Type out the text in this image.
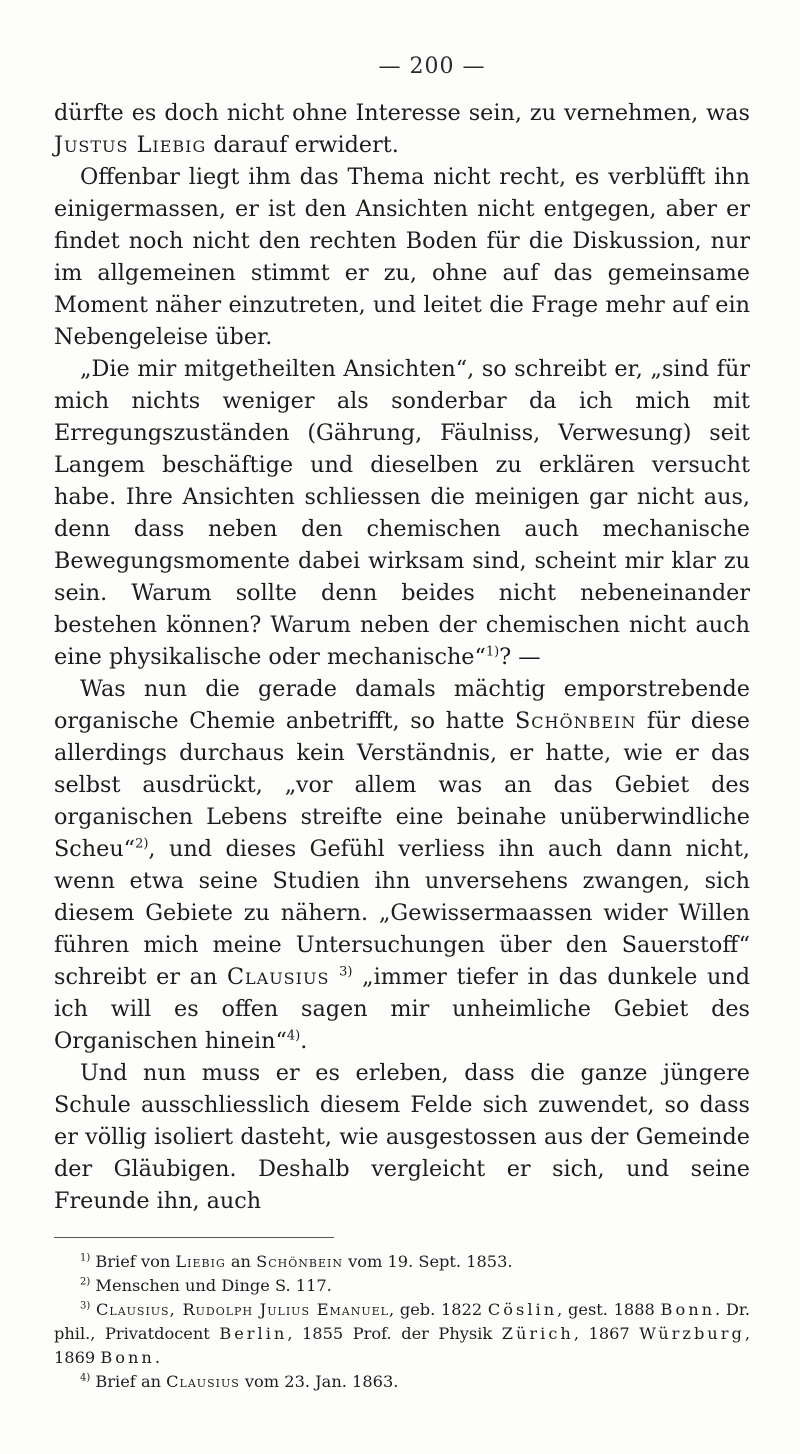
— 200 —

dürfte es doch nicht ohne Interesse sein, zu vernehmen, was Justus Liebig darauf erwidert.

Offenbar liegt ihm das Thema nicht recht, es verblüfft ihn einigermassen, er ist den Ansichten nicht entgegen, aber er findet noch nicht den rechten Boden für die Diskussion, nur im allgemeinen stimmt er zu, ohne auf das gemeinsame Moment näher einzutreten, und leitet die Frage mehr auf ein Nebengeleise über.

„Die mir mitgetheilten Ansichten“, so schreibt er, „sind für mich nichts weniger als sonderbar da ich mich mit Erregungszuständen (Gährung, Fäulniss, Verwesung) seit Langem beschäftige und dieselben zu erklären versucht habe. Ihre Ansichten schliessen die meinigen gar nicht aus, denn dass neben den chemischen auch mechanische Bewegungsmomente dabei wirksam sind, scheint mir klar zu sein. Warum sollte denn beides nicht nebeneinander bestehen können? Warum neben der chemischen nicht auch eine physikalische oder mechanische“$^{1)}$? —

Was nun die gerade damals mächtig emporstrebende organische Chemie anbetrifft, so hatte Schönbein für diese allerdings durchaus kein Verständnis, er hatte, wie er das selbst ausdrückt, „vor allem was an das Gebiet des organischen Lebens streifte eine beinahe unüberwindliche Scheu“$^{2)}$, und dieses Gefühl verliess ihn auch dann nicht, wenn etwa seine Studien ihn unversehens zwangen, sich diesem Gebiete zu nähern. „Gewissermaassen wider Willen führen mich meine Untersuchungen über den Sauerstoff“ schreibt er an Clausius $^{3)}$ „immer tiefer in das dunkele und ich will es offen sagen mir unheimliche Gebiet des Organischen hinein“$^{4)}$.

Und nun muss er es erleben, dass die ganze jüngere Schule ausschliesslich diesem Felde sich zuwendet, so dass er völlig isoliert dasteht, wie ausgestossen aus der Gemeinde der Gläubigen. Deshalb vergleicht er sich, und seine Freunde ihn, auch

$^{1)}$ Brief von Liebig an Schönbein vom 19. Sept. 1853.

$^{2)}$ Menschen und Dinge S. 117.

$^{3)}$ Clausius, Rudolph Julius Emanuel, geb. 1822 Cöslin, gest. 1888 Bonn. Dr. phil., Privatdocent Berlin, 1855 Prof. der Physik Zürich, 1867 Würzburg, 1869 Bonn.

$^{4)}$ Brief an Clausius vom 23. Jan. 1863.
